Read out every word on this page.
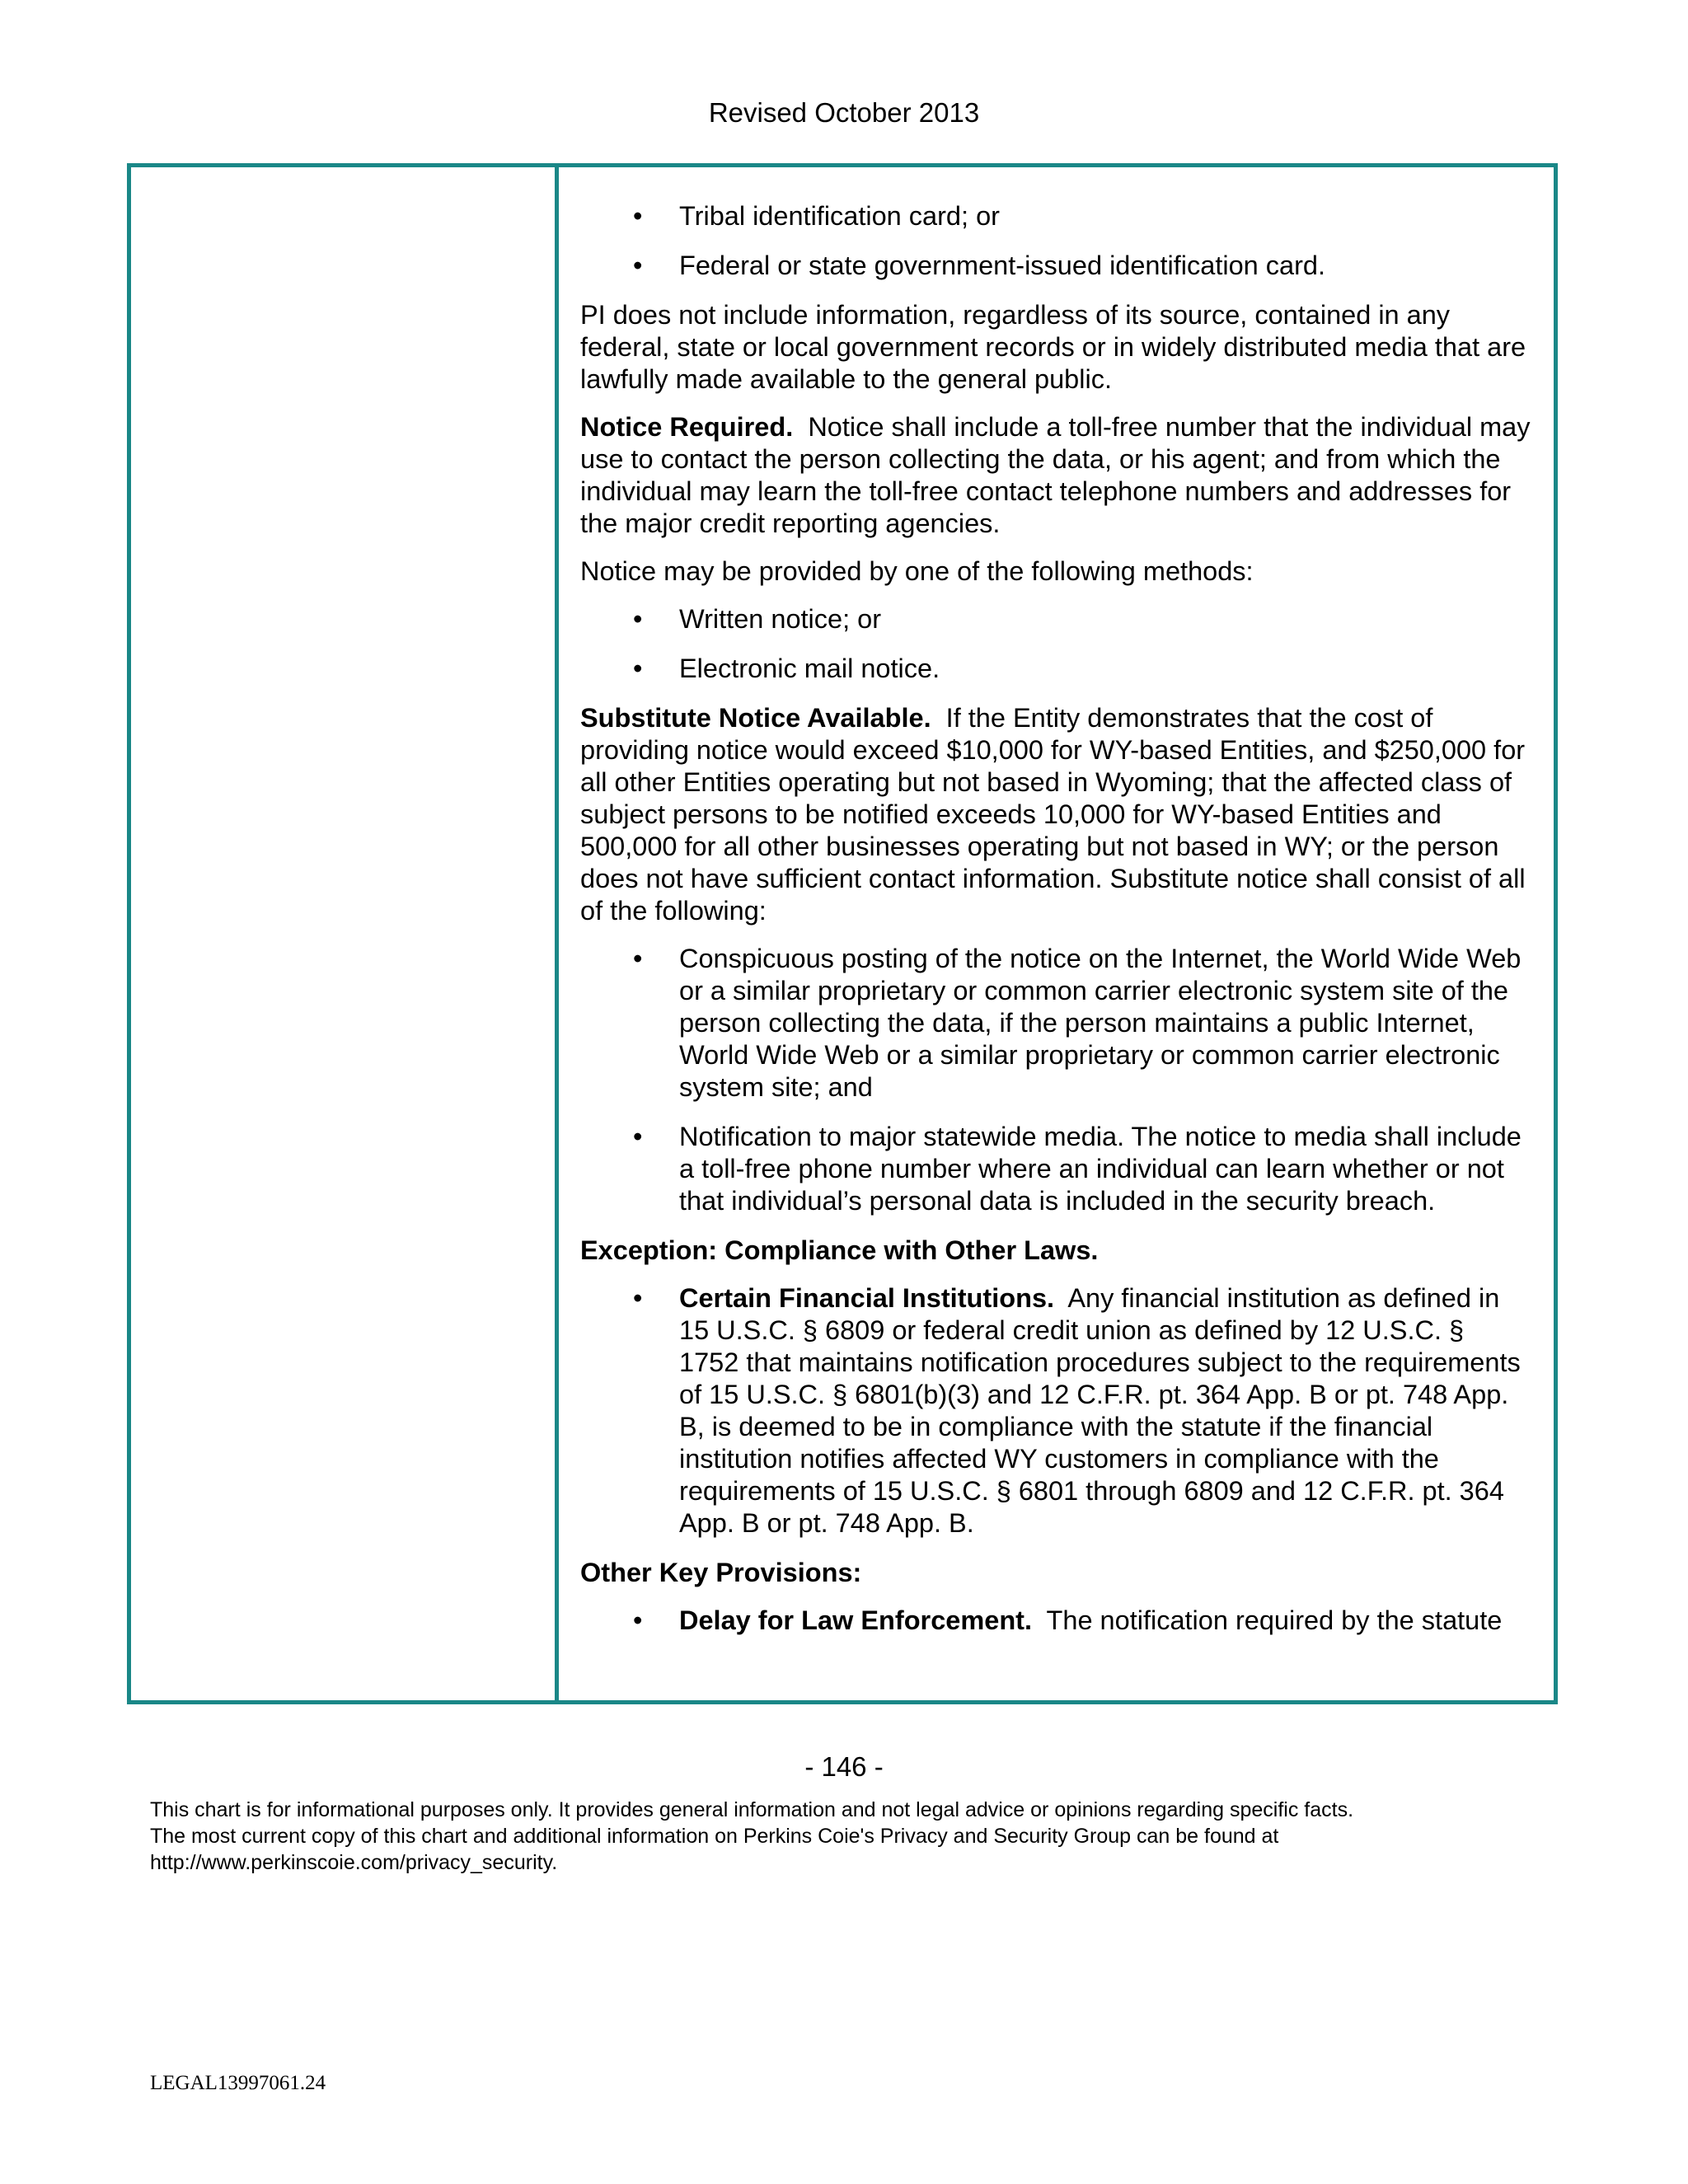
Revised October 2013
• Tribal identification card; or
• Federal or state government-issued identification card.

PI does not include information, regardless of its source, contained in any federal, state or local government records or in widely distributed media that are lawfully made available to the general public.

Notice Required. Notice shall include a toll-free number that the individual may use to contact the person collecting the data, or his agent; and from which the individual may learn the toll-free contact telephone numbers and addresses for the major credit reporting agencies.

Notice may be provided by one of the following methods:

• Written notice; or
• Electronic mail notice.

Substitute Notice Available. If the Entity demonstrates that the cost of providing notice would exceed $10,000 for WY-based Entities, and $250,000 for all other Entities operating but not based in Wyoming; that the affected class of subject persons to be notified exceeds 10,000 for WY-based Entities and 500,000 for all other businesses operating but not based in WY; or the person does not have sufficient contact information. Substitute notice shall consist of all of the following:

• Conspicuous posting of the notice on the Internet, the World Wide Web or a similar proprietary or common carrier electronic system site of the person collecting the data, if the person maintains a public Internet, World Wide Web or a similar proprietary or common carrier electronic system site; and
• Notification to major statewide media. The notice to media shall include a toll-free phone number where an individual can learn whether or not that individual’s personal data is included in the security breach.

Exception: Compliance with Other Laws.

• Certain Financial Institutions. Any financial institution as defined in 15 U.S.C. § 6809 or federal credit union as defined by 12 U.S.C. § 1752 that maintains notification procedures subject to the requirements of 15 U.S.C. § 6801(b)(3) and 12 C.F.R. pt. 364 App. B or pt. 748 App. B, is deemed to be in compliance with the statute if the financial institution notifies affected WY customers in compliance with the requirements of 15 U.S.C. § 6801 through 6809 and 12 C.F.R. pt. 364 App. B or pt. 748 App. B.

Other Key Provisions:

• Delay for Law Enforcement. The notification required by the statute
- 146 -
This chart is for informational purposes only. It provides general information and not legal advice or opinions regarding specific facts.
The most current copy of this chart and additional information on Perkins Coie's Privacy and Security Group can be found at
http://www.perkinscoie.com/privacy_security.
LEGAL13997061.24
